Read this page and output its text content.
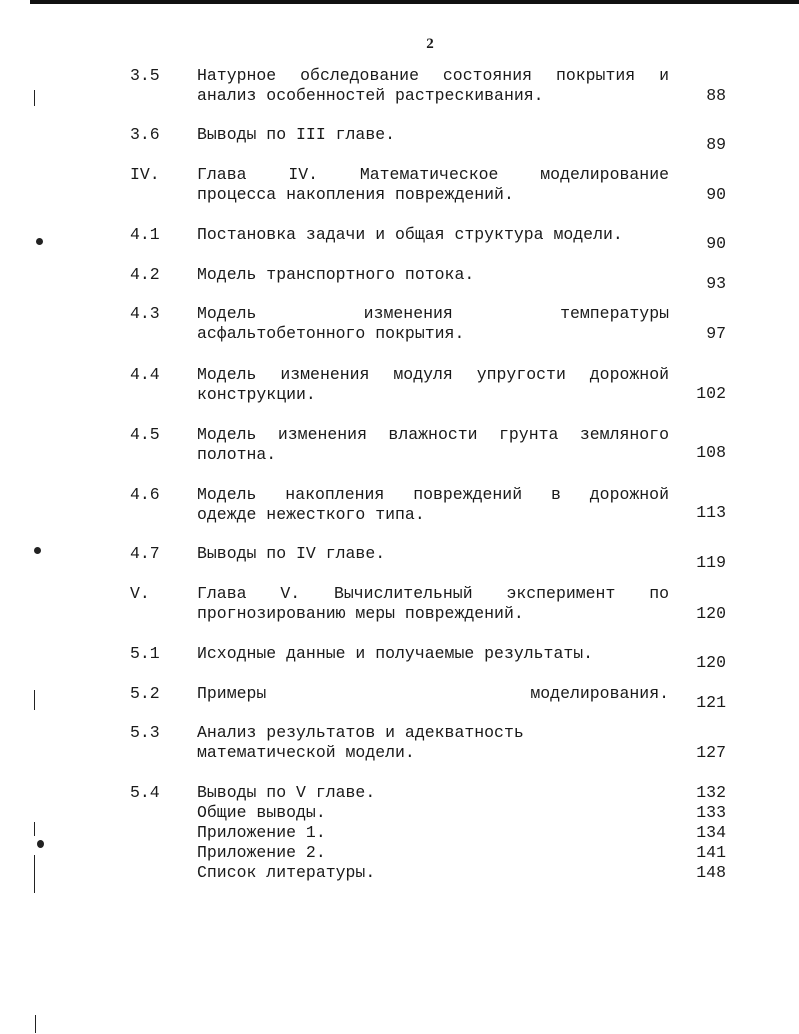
2
3.5 Натурное обследование состояния покрытия и
анализ особенностей растрескивания.	88
3.6 Выводы по III главе.
89
IV. Глава IV. Математическое моделирование
процесса накопления повреждений.	90
4.1 Постановка задачи и общая структура модели.	90
4.2 Модель транспортного потока.	93
4.3 Модель изменения температуры
асфальтобетонного покрытия.	97
4.4 Модель изменения модуля упругости дорожной
конструкции.	102
4.5 Модель изменения влажности грунта земляного
полотна.	108
4.6 Модель накопления повреждений в дорожной
одежде нежесткого типа.	113
4.7 Выводы по IV главе.	119
V.	Глава V. Вычислительный эксперимент по
прогнозированию меры повреждений.	120
5.1 Исходные данные и получаемые результаты.	120
5.2 Примеры моделирования.	121
5.3 Анализ результатов и адекватность
математической модели.	127
5.4 Выводы по V главе.	132
Общие выводы.	133
Приложение 1.	134
Приложение 2.	141
Список литературы.	148
